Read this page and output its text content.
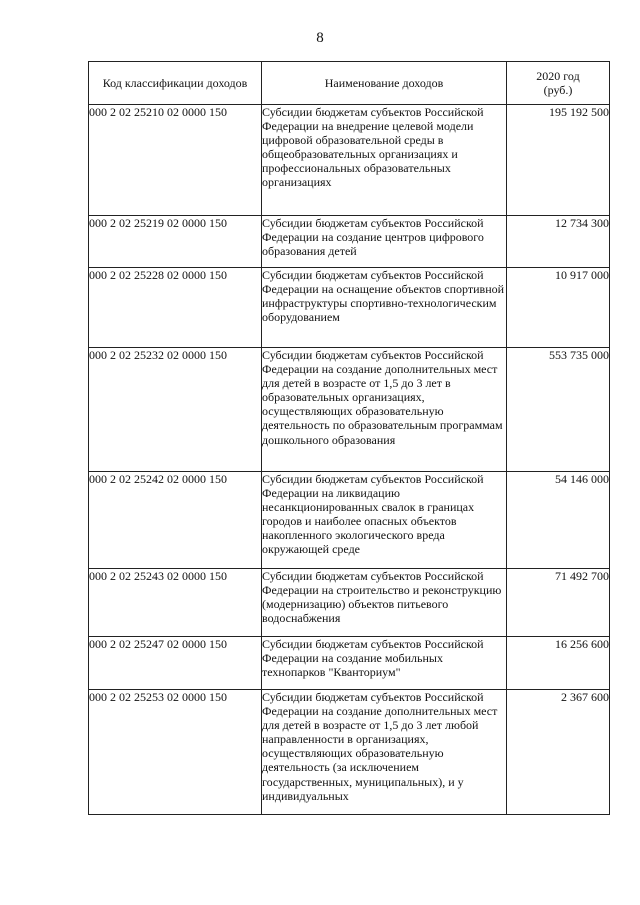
8
Код классификации доходов	Наименование доходов	2020 год
(руб.)

000 2 02 25210 02 0000 150	Субсидии бюджетам субъектов Российской Федерации на внедрение целевой модели цифровой образовательной среды в общеобразовательных организациях и профессиональных образовательных организациях	195 192 500
000 2 02 25219 02 0000 150	Субсидии бюджетам субъектов Российской Федерации на создание центров цифрового образования детей	12 734 300
000 2 02 25228 02 0000 150	Субсидии бюджетам субъектов Российской Федерации на оснащение объектов спортивной инфраструктуры спортивно-технологическим оборудованием	10 917 000
000 2 02 25232 02 0000 150	Субсидии бюджетам субъектов Российской Федерации на создание дополнительных мест для детей в возрасте от 1,5 до 3 лет в образовательных организациях, осуществляющих образовательную деятельность по образовательным программам дошкольного образования	553 735 000
000 2 02 25242 02 0000 150	Субсидии бюджетам субъектов Российской Федерации на ликвидацию несанкционированных свалок в границах городов и наиболее опасных объектов накопленного экологического вреда окружающей среде	54 146 000
000 2 02 25243 02 0000 150	Субсидии бюджетам субъектов Российской Федерации на строительство и реконструкцию (модернизацию) объектов питьевого водоснабжения	71 492 700
000 2 02 25247 02 0000 150	Субсидии бюджетам субъектов Российской Федерации на создание мобильных технопарков "Кванториум"	16 256 600
000 2 02 25253 02 0000 150	Субсидии бюджетам субъектов Российской Федерации на создание дополнительных мест для детей в возрасте от 1,5 до 3 лет любой направленности в организациях, осуществляющих образовательную деятельность (за исключением государственных, муниципальных), и у индивидуальных	2 367 600
